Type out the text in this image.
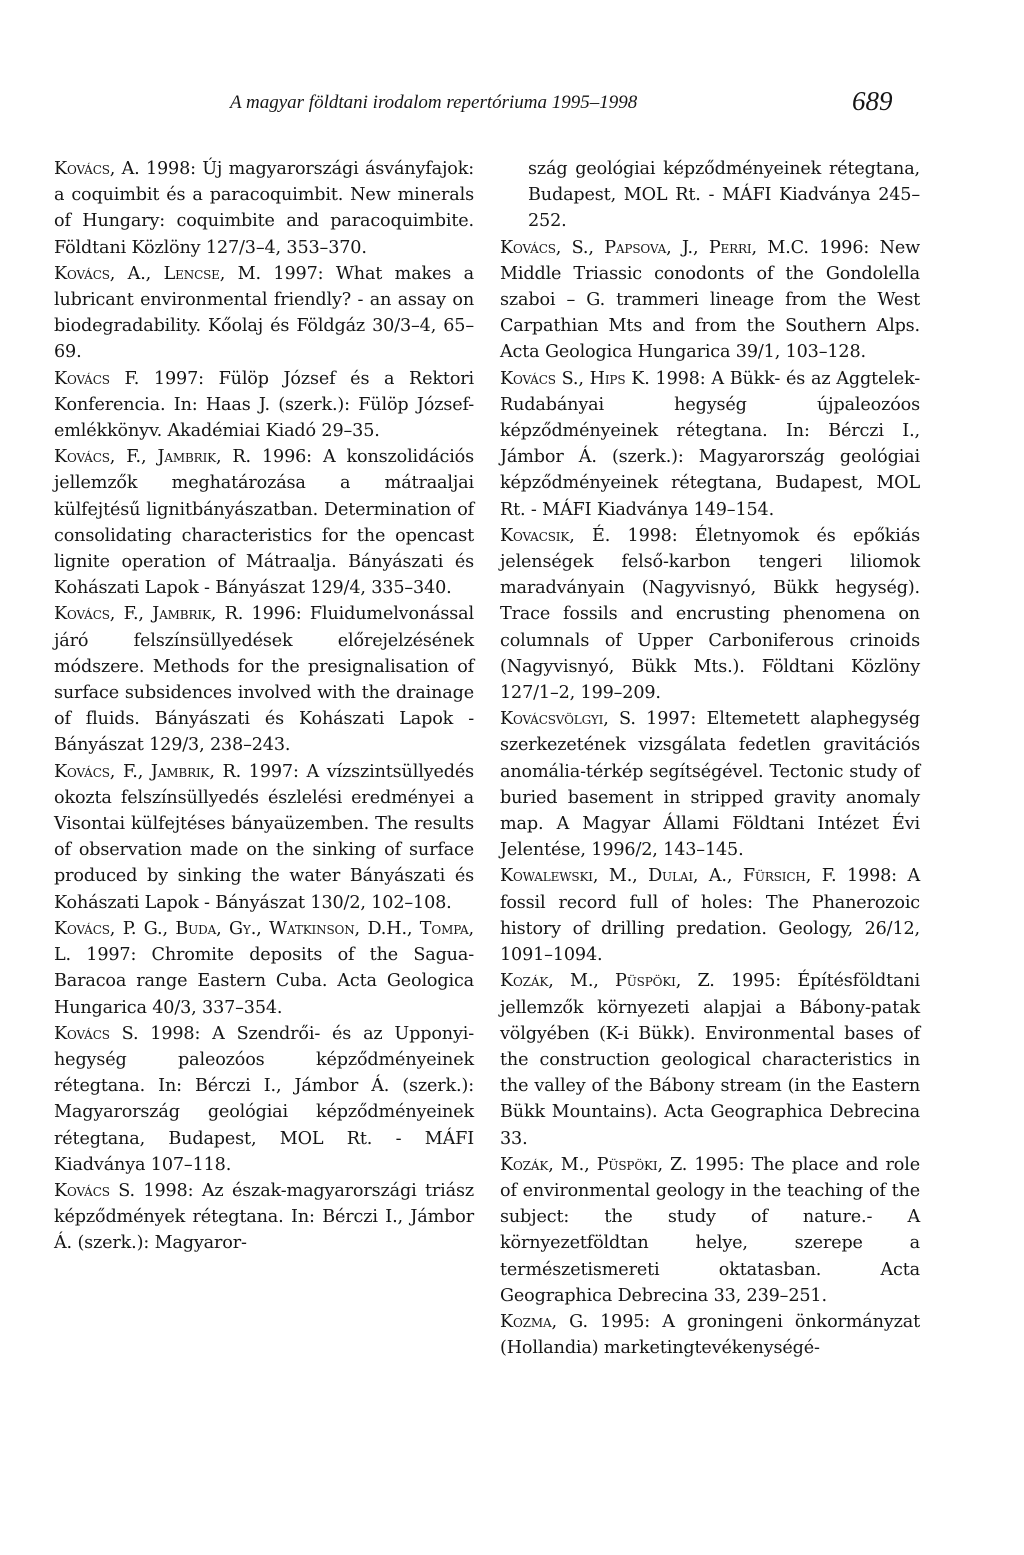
A magyar földtani irodalom repertóriuma 1995–1998	689
Kovács, A. 1998: Új magyarországi ásványfajok: a coquimbit és a paracoquimbit. New minerals of Hungary: coquimbite and paracoquimbite. Földtani Közlöny 127/3–4, 353–370.
Kovács, A., Lencse, M. 1997: What makes a lubricant environmental friendly? - an assay on biodegradability. Kőolaj és Földgáz 30/3–4, 65–69.
Kovács F. 1997: Fülöp József és a Rektori Konferencia. In: Haas J. (szerk.): Fülöp József-emlékkönyv. Akadémiai Kiadó 29–35.
Kovács, F., Jambrik, R. 1996: A konszolidációs jellemzők meghatározása a mátraaljai külfejtésű lignitbányászatban. Determination of consolidating characteristics for the opencast lignite operation of Mátraalja. Bányászati és Kohászati Lapok - Bányászat 129/4, 335–340.
Kovács, F., Jambrik, R. 1996: Fluidumelvonással járó felszínsüllyedések előrejelzésének módszere. Methods for the presignalisation of surface subsidences involved with the drainage of fluids. Bányászati és Kohászati Lapok - Bányászat 129/3, 238–243.
Kovács, F., Jambrik, R. 1997: A vízszintsüllyedés okozta felszínsüllyedés észlelési eredményei a Visontai külfejtéses bányaüzemben. The results of observation made on the sinking of surface produced by sinking the water Bányászati és Kohászati Lapok - Bányászat 130/2, 102–108.
Kovács, P. G., Buda, Gy., Watkinson, D.H., Tompa, L. 1997: Chromite deposits of the Sagua-Baracoa range Eastern Cuba. Acta Geologica Hungarica 40/3, 337–354.
Kovács S. 1998: A Szendrői- és az Upponyi-hegység paleozóos képződményeinek rétegtana. In: Bérczi I., Jámbor Á. (szerk.): Magyarország geológiai képződményeinek rétegtana, Budapest, MOL Rt. - MÁFI Kiadványa 107–118.
Kovács S. 1998: Az észak-magyarországi triász képződmények rétegtana. In: Bérczi I., Jámbor Á. (szerk.): Magyaror-
szág geológiai képződményeinek rétegtana, Budapest, MOL Rt. - MÁFI Kiadványa 245–252.
Kovács, S., Papsova, J., Perri, M.C. 1996: New Middle Triassic conodonts of the Gondolella szaboi – G. trammeri lineage from the West Carpathian Mts and from the Southern Alps. Acta Geologica Hungarica 39/1, 103–128.
Kovács S., Hips K. 1998: A Bükk- és az Aggtelek-Rudabányai hegység újpaleozóos képződményeinek rétegtana. In: Bérczi I., Jámbor Á. (szerk.): Magyarország geológiai képződményeinek rétegtana, Budapest, MOL Rt. - MÁFI Kiadványa 149–154.
Kovacsik, É. 1998: Életnyomok és epőkiás jelenségek felső-karbon tengeri liliomok maradványain (Nagyvisnyó, Bükk hegység). Trace fossils and encrusting phenomena on columnals of Upper Carboniferous crinoids (Nagyvisnyó, Bükk Mts.). Földtani Közlöny 127/1–2, 199–209.
Kovácsvölgyi, S. 1997: Eltemetett alaphegység szerkezetének vizsgálata fedetlen gravitációs anomália-térkép segítségével. Tectonic study of buried basement in stripped gravity anomaly map. A Magyar Állami Földtani Intézet Évi Jelentése, 1996/2, 143–145.
Kowalewski, M., Dulai, A., Fürsich, F. 1998: A fossil record full of holes: The Phanerozoic history of drilling predation. Geology, 26/12, 1091–1094.
Kozák, M., Püspöki, Z. 1995: Építésföldtani jellemzők környezeti alapjai a Bábony-patak völgyében (K-i Bükk). Environmental bases of the construction geological characteristics in the valley of the Bábony stream (in the Eastern Bükk Mountains). Acta Geographica Debrecina 33.
Kozák, M., Püspöki, Z. 1995: The place and role of environmental geology in the teaching of the subject: the study of nature.- A környezetföldtan helye, szerepe a természetismereti oktatasban. Acta Geographica Debrecina 33, 239–251.
Kozma, G. 1995: A groningeni önkormányzat (Hollandia) marketingtevékenységé-
